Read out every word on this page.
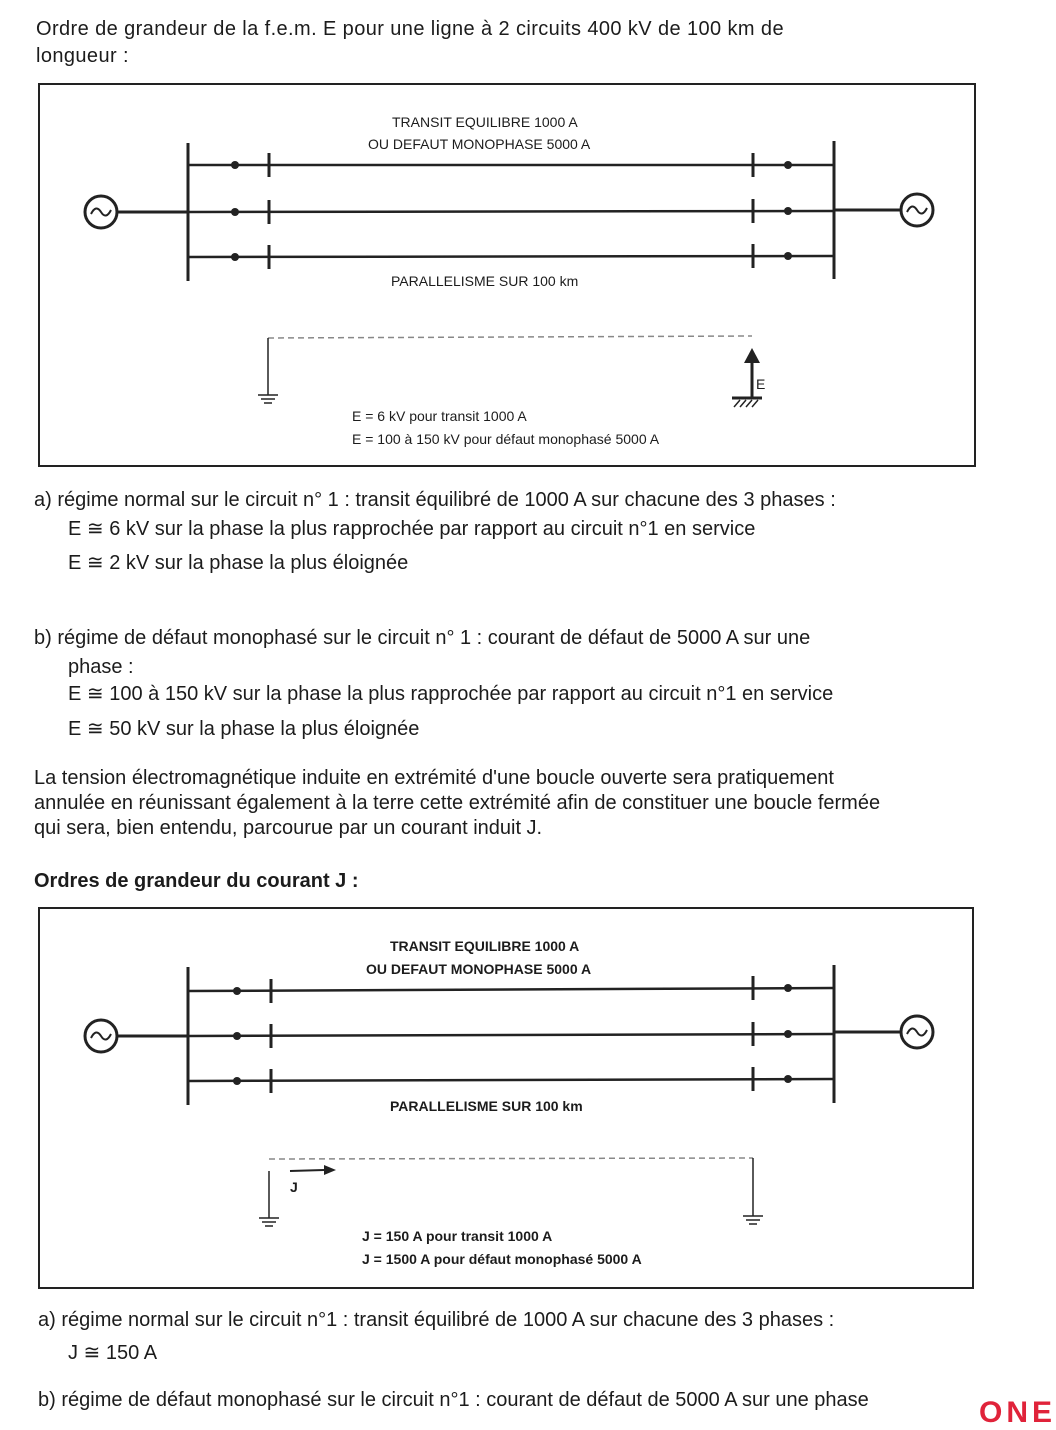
Ordre de grandeur de la f.e.m. E pour une ligne à 2 circuits 400 kV de 100 km de
longueur :
TRANSIT EQUILIBRE 1000 A
OU DEFAUT MONOPHASE 5000 A
PARALLELISME SUR 100 km
E
E = 6 kV pour transit 1000 A
E = 100 à 150 kV pour défaut monophasé 5000 A
a) régime normal sur le circuit n° 1 : transit équilibré de 1000 A sur chacune des 3 phases :
E ≅ 6 kV sur la phase la plus rapprochée par rapport au circuit n°1 en service
E ≅ 2 kV sur la phase la plus éloignée
b) régime de défaut monophasé sur le circuit n° 1 : courant de défaut de 5000 A sur une
phase :
E ≅ 100 à 150 kV sur la phase la plus rapprochée par rapport au circuit n°1 en service
E ≅ 50 kV sur la phase la plus éloignée
La tension électromagnétique induite en extrémité d'une boucle ouverte sera pratiquement
annulée en réunissant également à la terre cette extrémité afin de constituer une boucle fermée
qui sera, bien entendu, parcourue par un courant induit J.
Ordres de grandeur du courant J :
TRANSIT EQUILIBRE 1000 A
OU DEFAUT MONOPHASE 5000 A
PARALLELISME SUR 100 km
J
J = 150 A pour transit 1000 A
J = 1500 A pour défaut monophasé 5000 A
a) régime normal sur le circuit n°1 : transit équilibré de 1000 A sur chacune des 3 phases :
J ≅ 150 A
b) régime de défaut monophasé sur le circuit n°1 : courant de défaut de 5000 A sur une phase	ONE
